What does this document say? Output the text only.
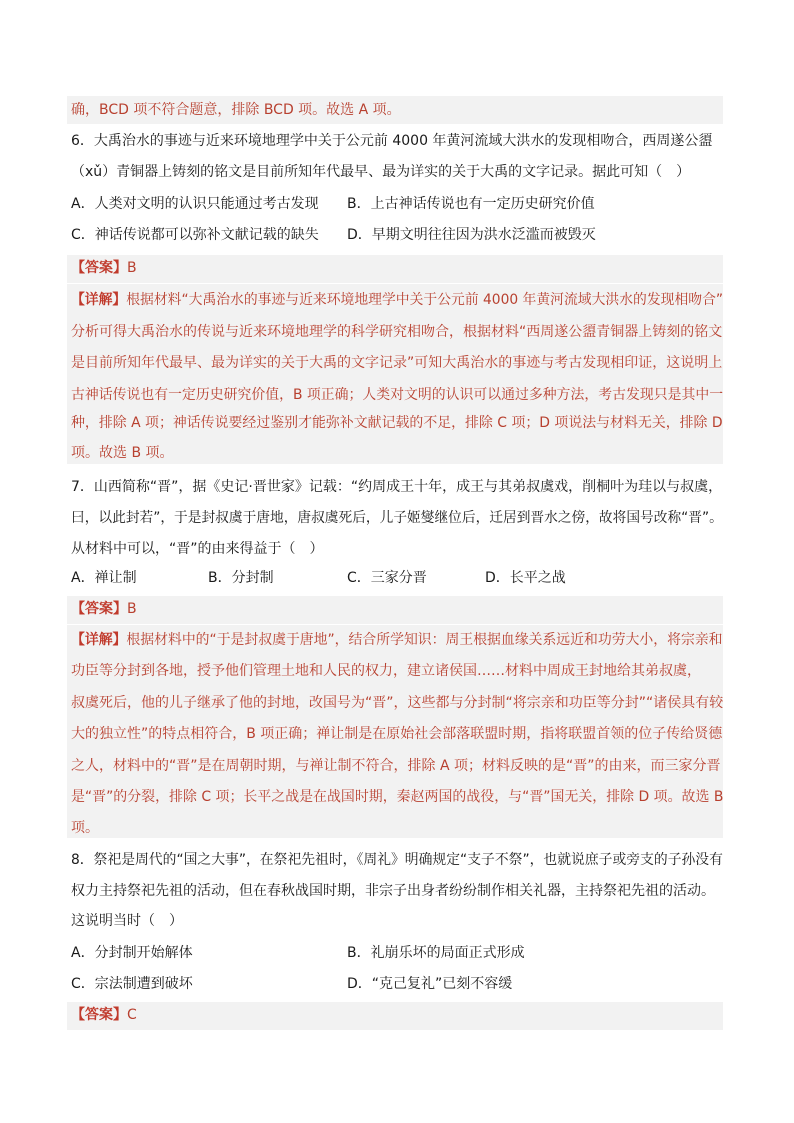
确，BCD 项不符合题意，排除 BCD 项。故选 A 项。
6．大禹治水的事迹与近来环境地理学中关于公元前 4000 年黄河流域大洪水的发现相吻合，西周遂公盨
（xǔ）青铜器上铸刻的铭文是目前所知年代最早、最为详实的关于大禹的文字记录。据此可知（　）
A．人类对文明的认识只能通过考古发现 B．上古神话传说也有一定历史研究价值
C．神话传说都可以弥补文献记载的缺失 D．早期文明往往因为洪水泛滥而被毁灭
【答案】B
【详解】根据材料“大禹治水的事迹与近来环境地理学中关于公元前 4000 年黄河流域大洪水的发现相吻合”
分析可得大禹治水的传说与近来环境地理学的科学研究相吻合，根据材料“西周遂公盨青铜器上铸刻的铭文
是目前所知年代最早、最为详实的关于大禹的文字记录”可知大禹治水的事迹与考古发现相印证，这说明上
古神话传说也有一定历史研究价值，B 项正确；人类对文明的认识可以通过多种方法，考古发现只是其中一
种，排除 A 项；神话传说要经过鉴别才能弥补文献记载的不足，排除 C 项；D 项说法与材料无关，排除 D
项。故选 B 项。
7．山西简称“晋”，据《史记·晋世家》记载：“约周成王十年，成王与其弟叔虞戏，削桐叶为珪以与叔虞，
曰，以此封若”，于是封叔虞于唐地，唐叔虞死后，儿子姬燮继位后，迁居到晋水之傍，故将国号改称“晋”。
从材料中可以，“晋”的由来得益于（　）
A．禅让制	B．分封制	C．三家分晋	D．长平之战
【答案】B
【详解】根据材料中的“于是封叔虞于唐地”，结合所学知识：周王根据血缘关系远近和功劳大小，将宗亲和
功臣等分封到各地，授予他们管理土地和人民的权力，建立诸侯国……材料中周成王封地给其弟叔虞，
叔虞死后，他的儿子继承了他的封地，改国号为“晋”，这些都与分封制“将宗亲和功臣等分封”“诸侯具有较
大的独立性”的特点相符合，B 项正确；禅让制是在原始社会部落联盟时期，指将联盟首领的位子传给贤德
之人，材料中的“晋”是在周朝时期，与禅让制不符合，排除 A 项；材料反映的是“晋”的由来，而三家分晋
是“晋”的分裂，排除 C 项；长平之战是在战国时期，秦赵两国的战役，与“晋”国无关，排除 D 项。故选 B
项。
8．祭祀是周代的“国之大事”，在祭祀先祖时，《周礼》明确规定“支子不祭”，也就说庶子或旁支的子孙没有
权力主持祭祀先祖的活动，但在春秋战国时期，非宗子出身者纷纷制作相关礼器，主持祭祀先祖的活动。
这说明当时（　）
A．分封制开始解体	B．礼崩乐坏的局面正式形成
C．宗法制遭到破坏	D．“克己复礼”已刻不容缓
【答案】C
